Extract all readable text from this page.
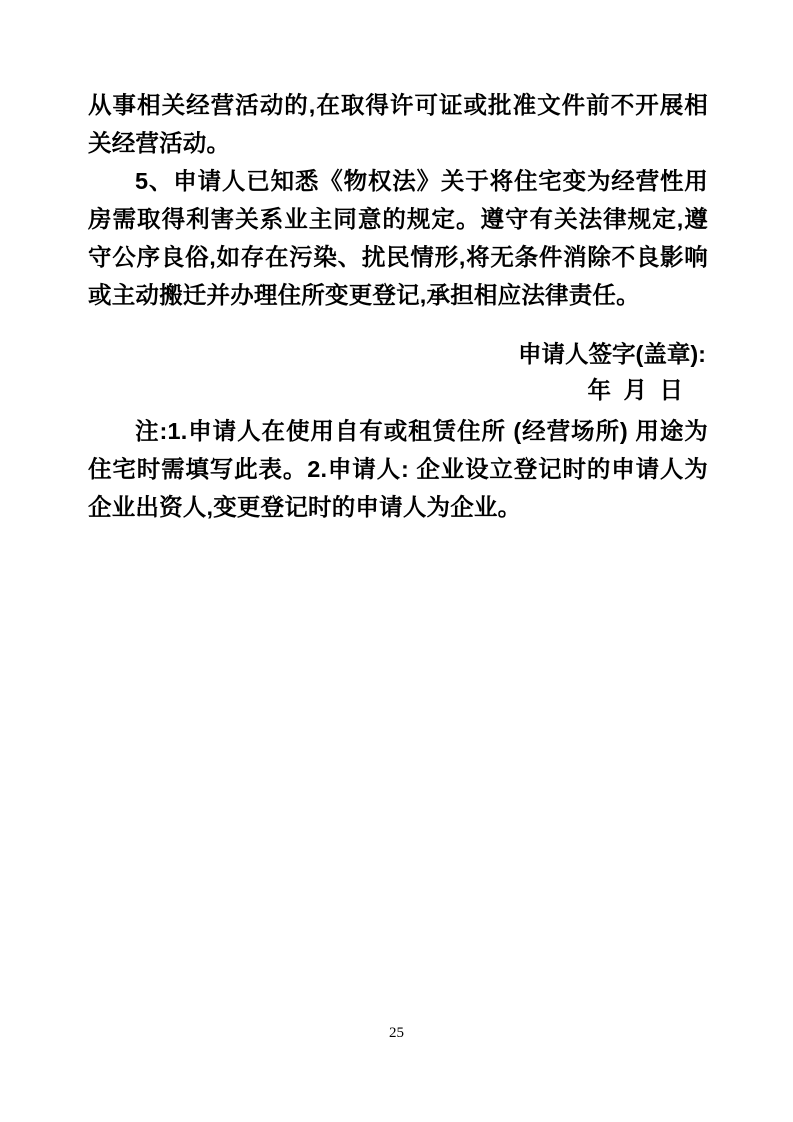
从事相关经营活动的,在取得许可证或批准文件前不开展相关经营活动。

5、申请人已知悉《物权法》关于将住宅变为经营性用房需取得利害关系业主同意的规定。遵守有关法律规定,遵守公序良俗,如存在污染、扰民情形,将无条件消除不良影响或主动搬迁并办理住所变更登记,承担相应法律责任。

申请人签字(盖章):
年 月 日

注:1.申请人在使用自有或租赁住所 (经营场所) 用途为住宅时需填写此表。2.申请人: 企业设立登记时的申请人为企业出资人,变更登记时的申请人为企业。

25
